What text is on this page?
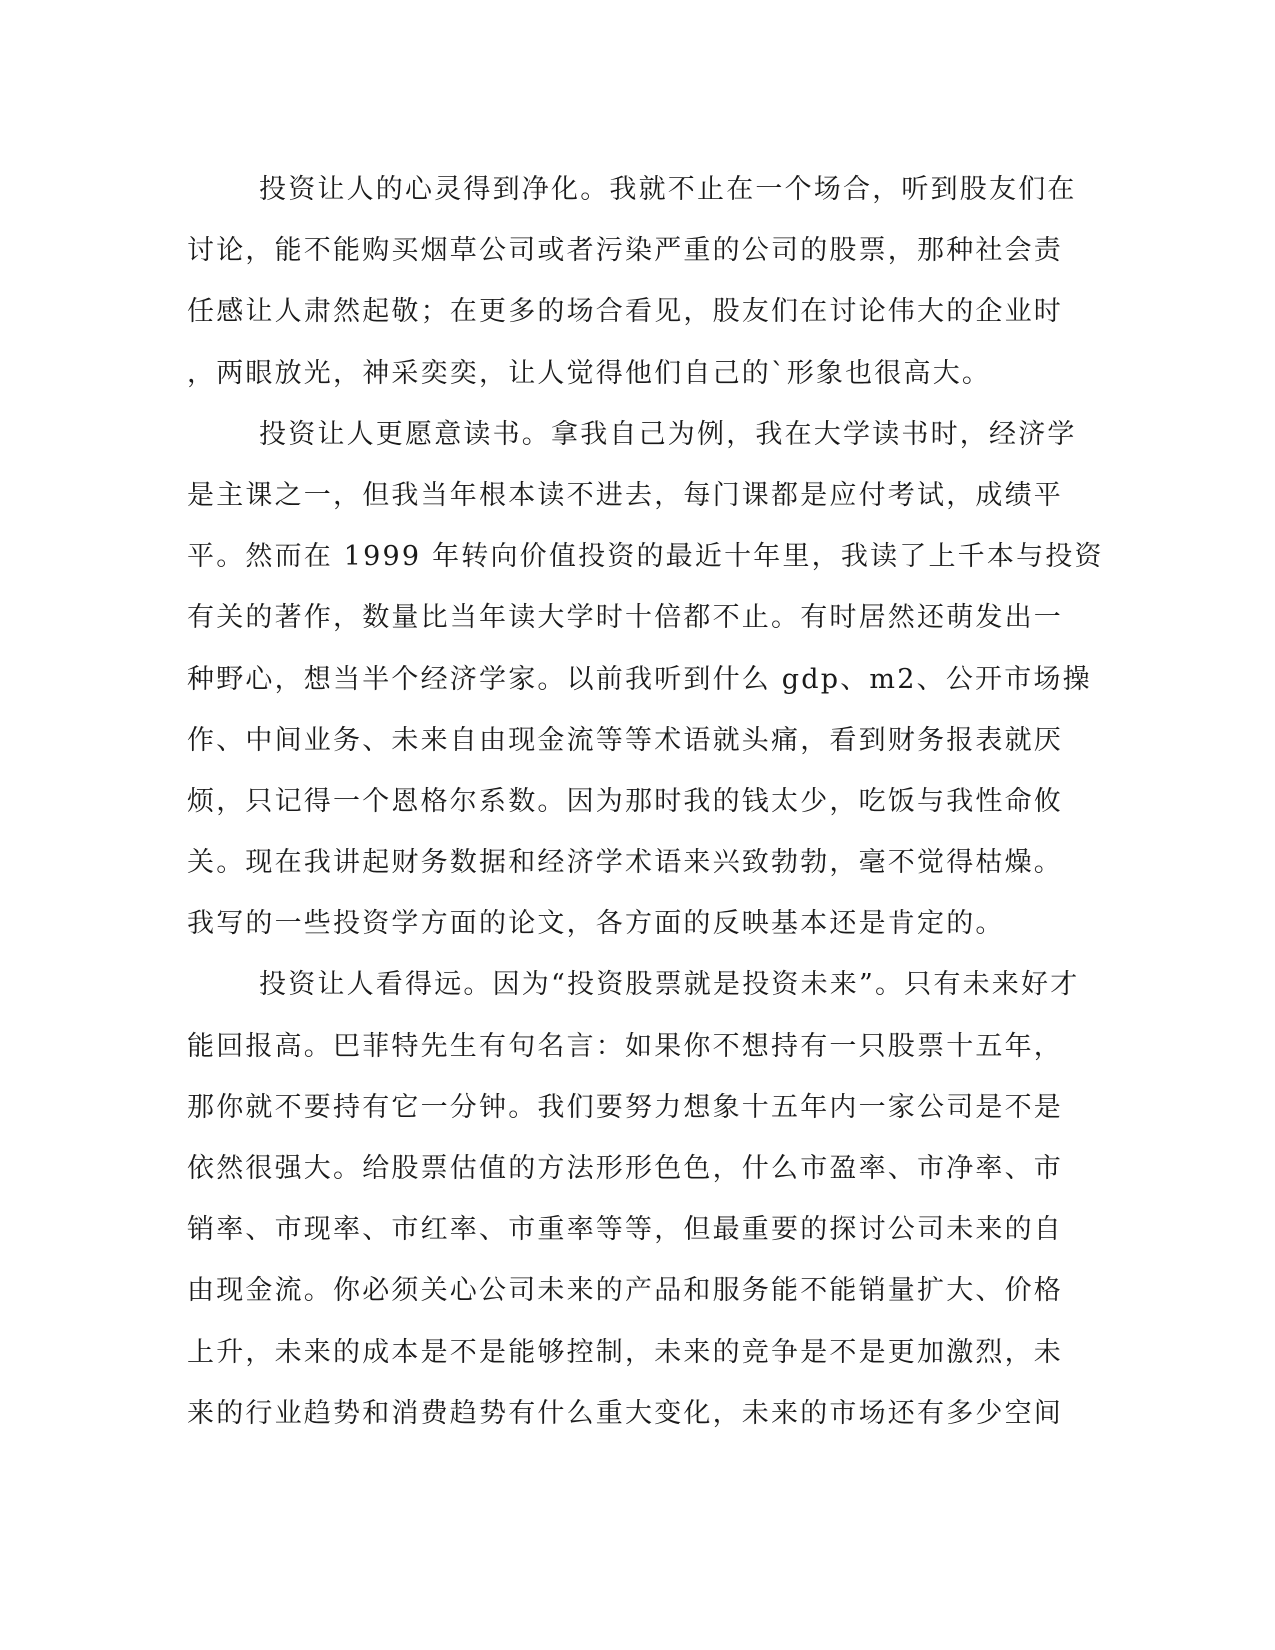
投资让人的心灵得到净化。我就不止在一个场合，听到股友们在
讨论，能不能购买烟草公司或者污染严重的公司的股票，那种社会责
任感让人肃然起敬；在更多的场合看见，股友们在讨论伟大的企业时
，两眼放光，神采奕奕，让人觉得他们自己的`形象也很高大。
投资让人更愿意读书。拿我自己为例，我在大学读书时，经济学
是主课之一，但我当年根本读不进去，每门课都是应付考试，成绩平
平。然而在 1999 年转向价值投资的最近十年里，我读了上千本与投资
有关的著作，数量比当年读大学时十倍都不止。有时居然还萌发出一
种野心，想当半个经济学家。以前我听到什么 gdp、m2、公开市场操
作、中间业务、未来自由现金流等等术语就头痛，看到财务报表就厌
烦，只记得一个恩格尔系数。因为那时我的钱太少，吃饭与我性命攸
关。现在我讲起财务数据和经济学术语来兴致勃勃，毫不觉得枯燥。
我写的一些投资学方面的论文，各方面的反映基本还是肯定的。
投资让人看得远。因为“投资股票就是投资未来”。只有未来好才
能回报高。巴菲特先生有句名言：如果你不想持有一只股票十五年，
那你就不要持有它一分钟。我们要努力想象十五年内一家公司是不是
依然很强大。给股票估值的方法形形色色，什么市盈率、市净率、市
销率、市现率、市红率、市重率等等，但最重要的探讨公司未来的自
由现金流。你必须关心公司未来的产品和服务能不能销量扩大、价格
上升，未来的成本是不是能够控制，未来的竞争是不是更加激烈，未
来的行业趋势和消费趋势有什么重大变化，未来的市场还有多少空间
